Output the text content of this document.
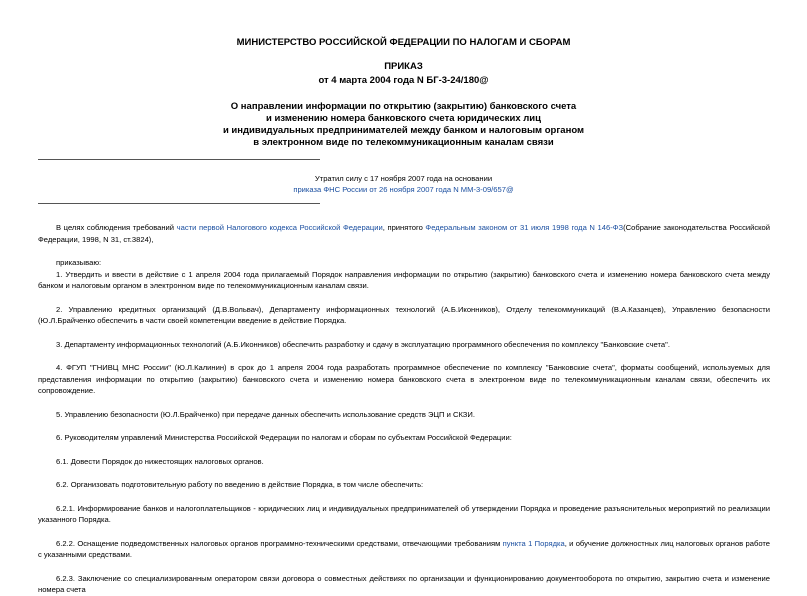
МИНИСТЕРСТВО РОССИЙСКОЙ ФЕДЕРАЦИИ ПО НАЛОГАМ И СБОРАМ
ПРИКАЗ
от 4 марта 2004 года N БГ-3-24/180@
О направлении информации по открытию (закрытию) банковского счета
и изменению номера банковского счета юридических лиц
и индивидуальных предпринимателей между банком и налоговым органом
в электронном виде по телекоммуникационным каналам связи
Утратил силу с 17 ноября 2007 года на основании
приказа ФНС России от 26 ноября 2007 года N ММ-3-09/657@

В целях соблюдения требований части первой Налогового кодекса Российской Федерации, принятого Федеральным законом от 31 июля 1998 года N 146-ФЗ(Собрание законодательства Российской Федерации, 1998, N 31, ст.3824),

приказываю:

1. Утвердить и ввести в действие с 1 апреля 2004 года прилагаемый Порядок направления информации по открытию (закрытию) банковского счета и изменению номера банковского счета между банком и налоговым органом в электронном виде по телекоммуникационным каналам связи.

2. Управлению кредитных организаций (Д.В.Вольвач), Департаменту информационных технологий (А.Б.Иконников), Отделу телекоммуникаций (В.А.Казанцев), Управлению безопасности (Ю.Л.Брайченко обеспечить в части своей компетенции введение в действие Порядка.

3. Департаменту информационных технологий (А.Б.Иконников) обеспечить разработку и сдачу в эксплуатацию программного обеспечения по комплексу "Банковские счета".

4. ФГУП "ГНИВЦ МНС России" (Ю.Л.Калинин) в срок до 1 апреля 2004 года разработать программное обеспечение по комплексу "Банковские счета", форматы сообщений, используемых для представления информации по открытию (закрытию) банковского счета и изменению номера банковского счета в электронном виде по телекоммуникационным каналам связи, обеспечить их сопровождение.

5. Управлению безопасности (Ю.Л.Брайченко) при передаче данных обеспечить использование средств ЭЦП и СКЗИ.

6. Руководителям управлений Министерства Российской Федерации по налогам и сборам по субъектам Российской Федерации:

6.1. Довести Порядок до нижестоящих налоговых органов.

6.2. Организовать подготовительную работу по введению в действие Порядка, в том числе обеспечить:

6.2.1. Информирование банков и налогоплательщиков - юридических лиц и индивидуальных предпринимателей об утверждении Порядка и проведение разъяснительных мероприятий по реализации указанного Порядка.

6.2.2. Оснащение подведомственных налоговых органов программно-техническими средствами, отвечающими требованиям пункта 1 Порядка, и обучение должностных лиц налоговых органов работе с указанными средствами.

6.2.3. Заключение со специализированным оператором связи договора о совместных действиях по организации и функционированию документооборота по открытию, закрытию счета и изменение номера счета
